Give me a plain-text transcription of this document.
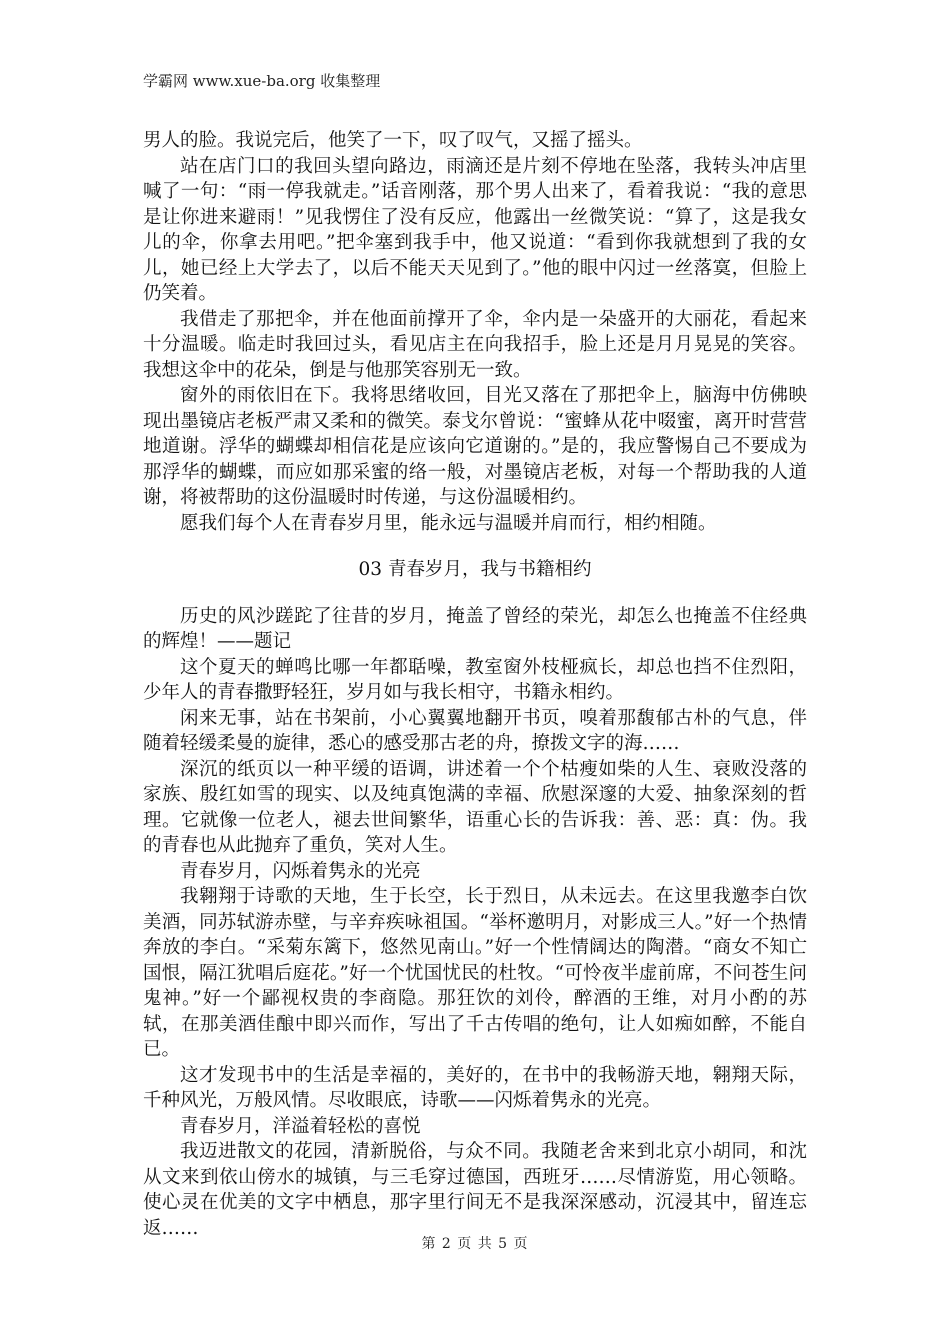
学霸网 www.xue-ba.org 收集整理

男人的脸。我说完后，他笑了一下，叹了叹气，又摇了摇头。

站在店门口的我回头望向路边，雨滴还是片刻不停地在坠落，我转头冲店里喊了一句：“雨一停我就走。”话音刚落，那个男人出来了，看着我说：“我的意思是让你进来避雨！”见我愣住了没有反应，他露出一丝微笑说：“算了，这是我女儿的伞，你拿去用吧。”把伞塞到我手中，他又说道：“看到你我就想到了我的女儿，她已经上大学去了，以后不能天天见到了。”他的眼中闪过一丝落寞，但脸上仍笑着。

我借走了那把伞，并在他面前撑开了伞，伞内是一朵盛开的大丽花，看起来十分温暖。临走时我回过头，看见店主在向我招手，脸上还是月月晃晃的笑容。我想这伞中的花朵，倒是与他那笑容别无一致。

窗外的雨依旧在下。我将思绪收回，目光又落在了那把伞上，脑海中仿佛映现出墨镜店老板严肃又柔和的微笑。泰戈尔曾说：“蜜蜂从花中啜蜜，离开时营营地道谢。浮华的蝴蝶却相信花是应该向它道谢的。”是的，我应警惕自己不要成为那浮华的蝴蝶，而应如那采蜜的络一般，对墨镜店老板，对每一个帮助我的人道谢，将被帮助的这份温暖时时传递，与这份温暖相约。

愿我们每个人在青春岁月里，能永远与温暖并肩而行，相约相随。

03 青春岁月，我与书籍相约

历史的风沙蹉跎了往昔的岁月，掩盖了曾经的荣光，却怎么也掩盖不住经典的辉煌！——题记

这个夏天的蝉鸣比哪一年都聒噪，教室窗外枝桠疯长，却总也挡不住烈阳，少年人的青春撒野轻狂，岁月如与我长相守，书籍永相约。

闲来无事，站在书架前，小心翼翼地翻开书页，嗅着那馥郁古朴的气息，伴随着轻缓柔曼的旋律，悉心的感受那古老的舟，撩拨文字的海……

深沉的纸页以一种平缓的语调，讲述着一个个枯瘦如柴的人生、衰败没落的家族、殷红如雪的现实、以及纯真饱满的幸福、欣慰深邃的大爱、抽象深刻的哲理。它就像一位老人，褪去世间繁华，语重心长的告诉我：善、恶：真：伪。我的青春也从此抛弃了重负，笑对人生。

青春岁月，闪烁着隽永的光亮

我翱翔于诗歌的天地，生于长空，长于烈日，从未远去。在这里我邀李白饮美酒，同苏轼游赤壁，与辛弃疾咏祖国。“举杯邀明月，对影成三人。”好一个热情奔放的李白。“采菊东篱下，悠然见南山。”好一个性情阔达的陶潜。“商女不知亡国恨，隔江犹唱后庭花。”好一个忧国忧民的杜牧。“可怜夜半虚前席，不问苍生问鬼神。”好一个鄙视权贵的李商隐。那狂饮的刘伶，醉酒的王维，对月小酌的苏轼，在那美酒佳酿中即兴而作，写出了千古传唱的绝句，让人如痴如醉，不能自已。

这才发现书中的生活是幸福的，美好的，在书中的我畅游天地，翱翔天际，千种风光，万般风情。尽收眼底，诗歌——闪烁着隽永的光亮。

青春岁月，洋溢着轻松的喜悦

我迈进散文的花园，清新脱俗，与众不同。我随老舍来到北京小胡同，和沈从文来到依山傍水的城镇，与三毛穿过德国，西班牙……尽情游览，用心领略。使心灵在优美的文字中栖息，那字里行间无不是我深深感动，沉浸其中，留连忘返……

第 2 页 共 5 页
